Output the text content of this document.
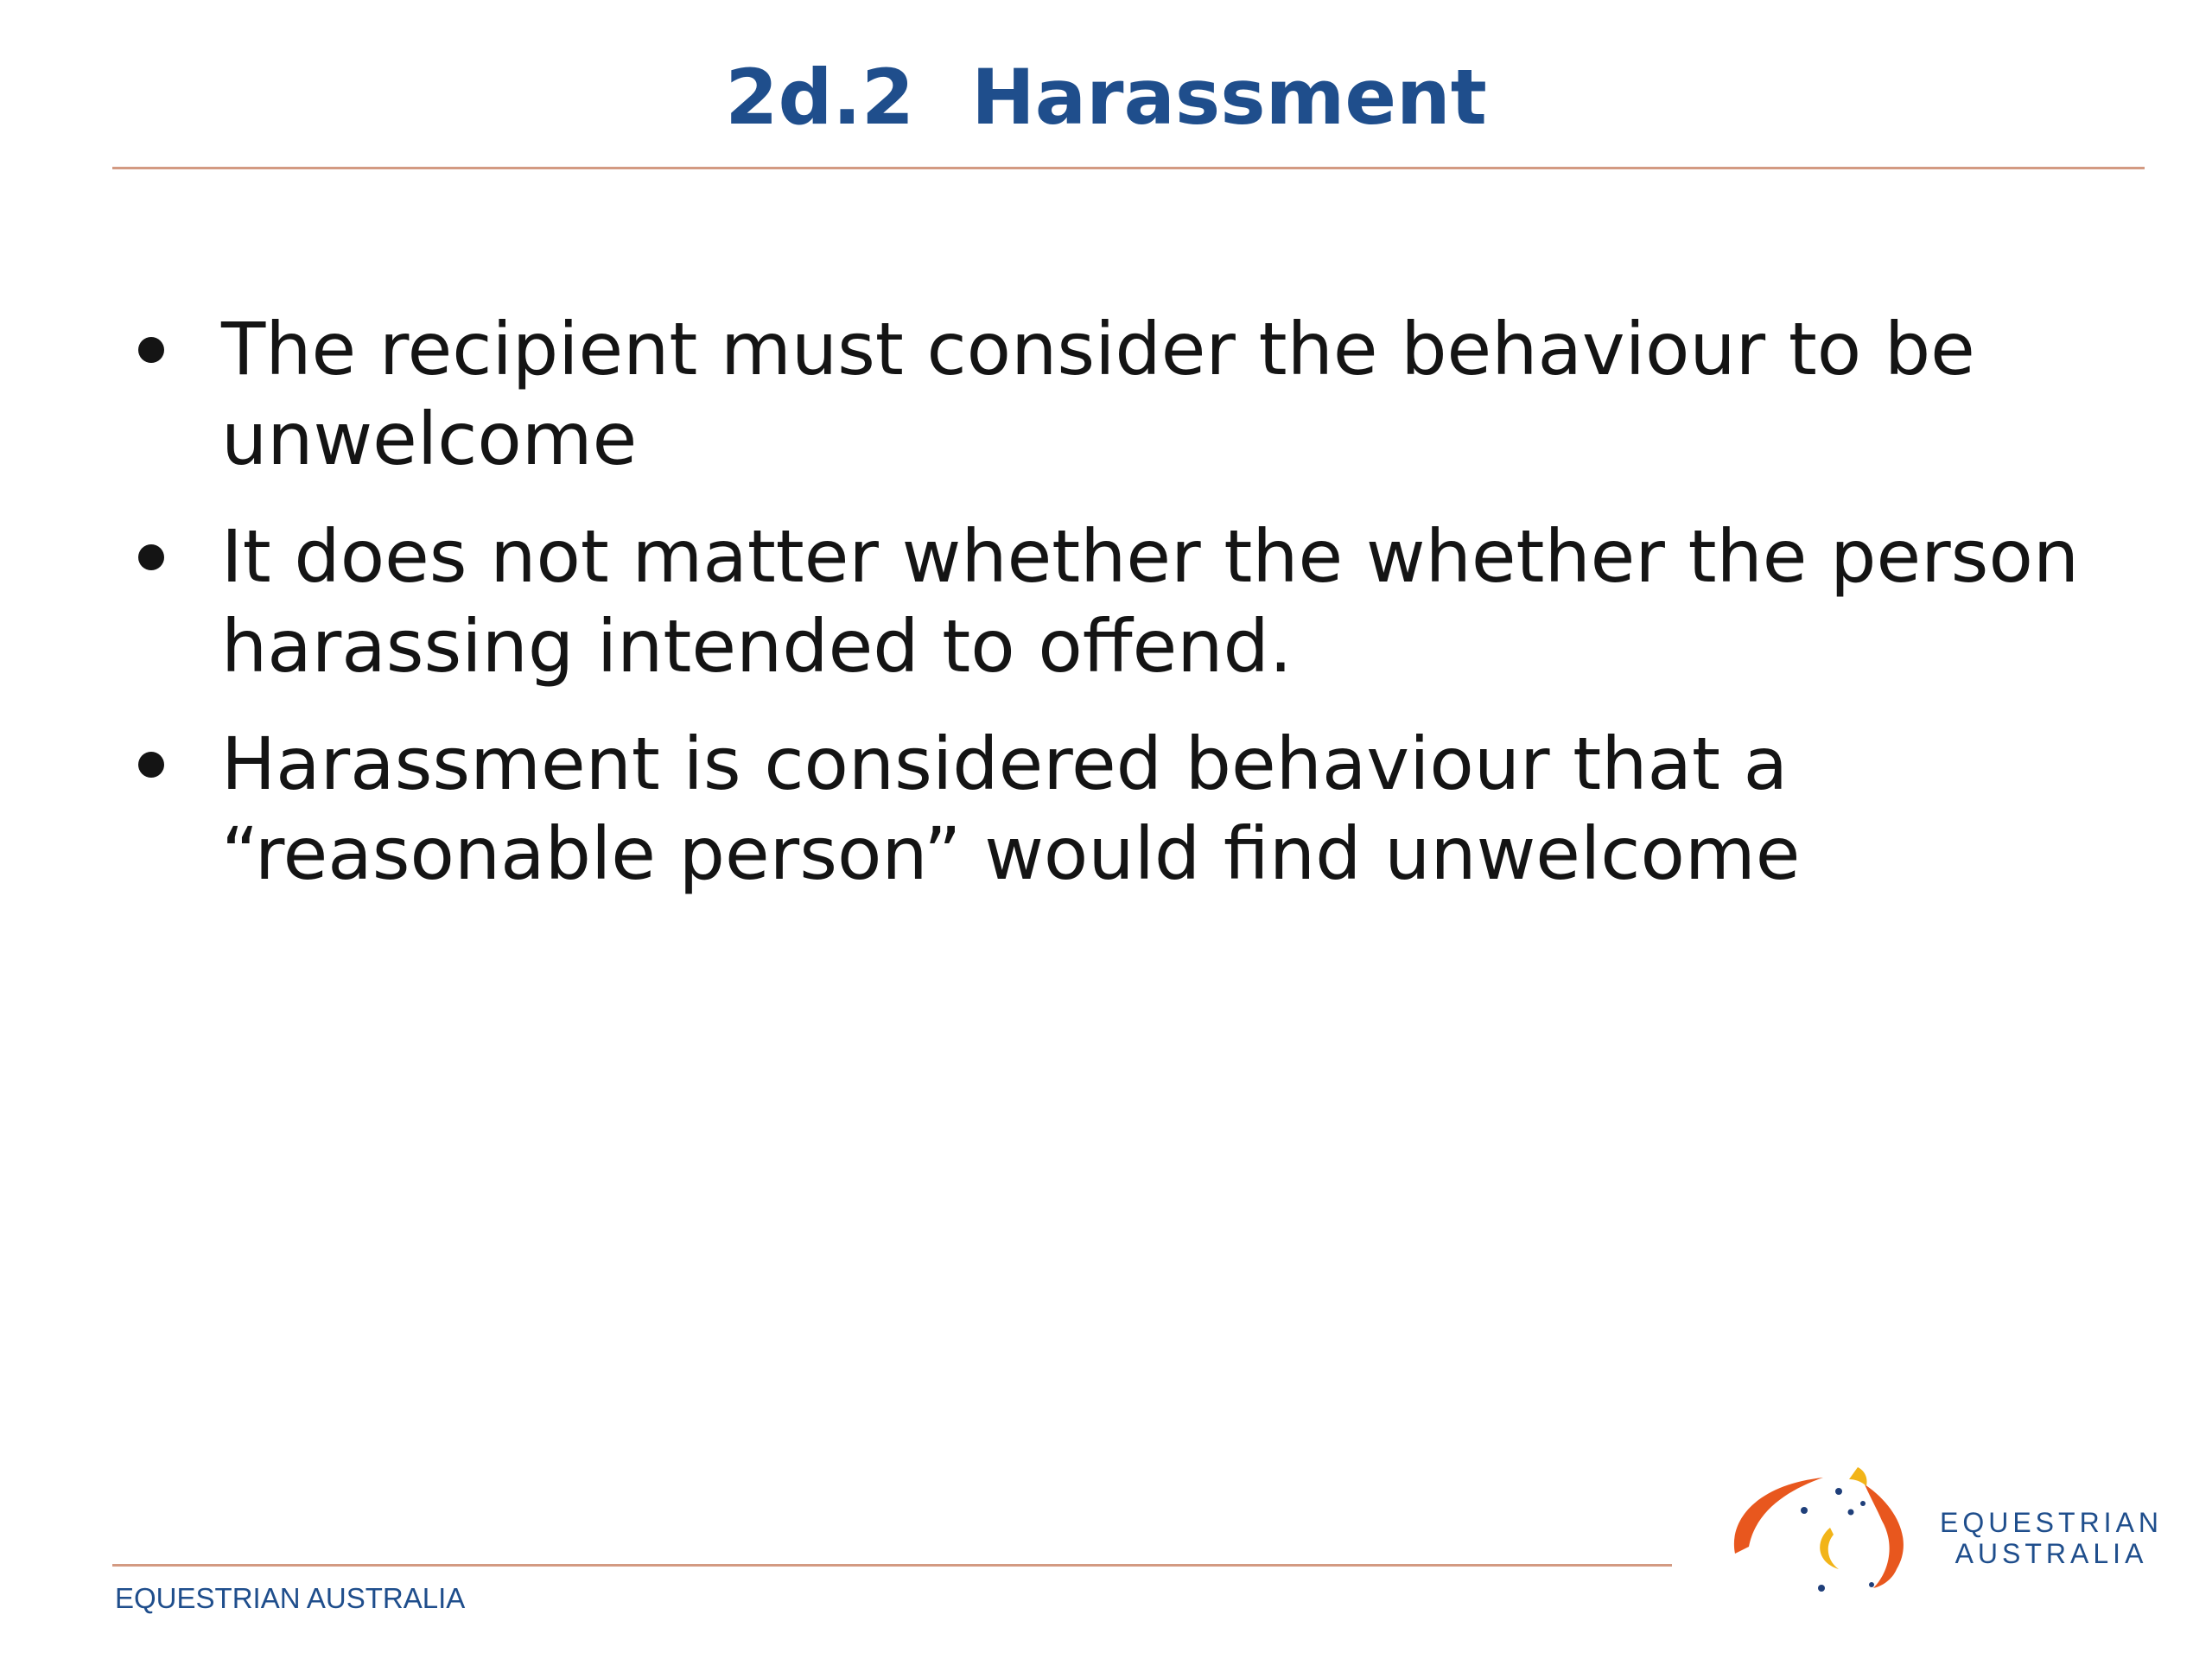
2d.2 Harassment
The recipient must consider the behaviour to be unwelcome
It does not matter whether the whether the person harassing intended to offend.
Harassment is considered behaviour that a “reasonable person” would find unwelcome
EQUESTRIAN AUSTRALIA
EQUESTRIAN
AUSTRALIA
